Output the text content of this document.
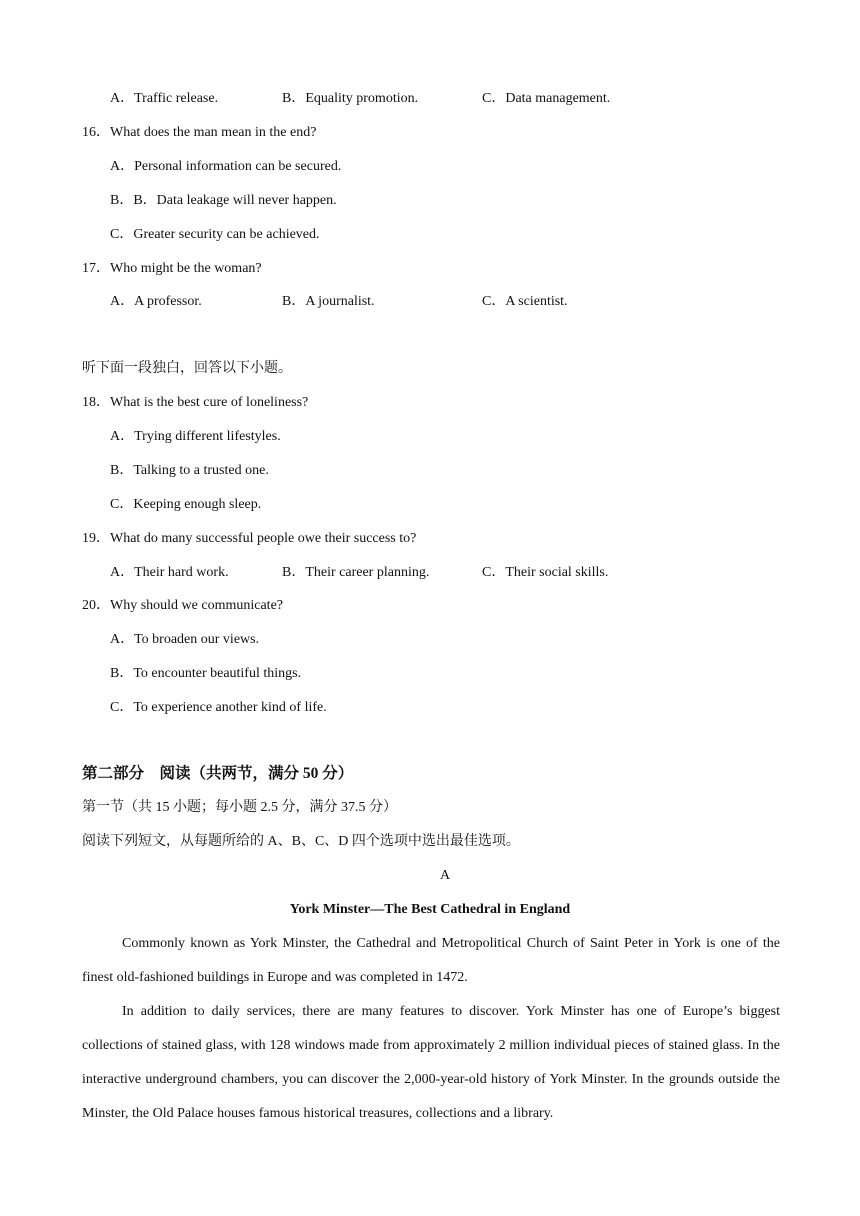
A．Traffic release.	B．Equality promotion.	C．Data management.
16．What does the man mean in the end?
A．Personal information can be secured.
B．B．Data leakage will never happen.
C．Greater security can be achieved.
17．Who might be the woman?
A．A professor.	B．A journalist.	C．A scientist.
听下面一段独白，回答以下小题。
18．What is the best cure of loneliness?
A．Trying different lifestyles.
B．Talking to a trusted one.
C．Keeping enough sleep.
19．What do many successful people owe their success to?
A．Their hard work.	B．Their career planning.	C．Their social skills.
20．Why should we communicate?
A．To broaden our views.
B．To encounter beautiful things.
C．To experience another kind of life.
第二部分　阅读（共两节，满分 50 分）
第一节（共 15 小题；每小题 2.5 分，满分 37.5 分）
阅读下列短文，从每题所给的 A、B、C、D 四个选项中选出最佳选项。
A
York Minster—The Best Cathedral in England
Commonly known as York Minster, the Cathedral and Metropolitical Church of Saint Peter in York is one of the finest old-fashioned buildings in Europe and was completed in 1472.
In addition to daily services, there are many features to discover. York Minster has one of Europe’s biggest collections of stained glass, with 128 windows made from approximately 2 million individual pieces of stained glass. In the interactive underground chambers, you can discover the 2,000-year-old history of York Minster. In the grounds outside the Minster, the Old Palace houses famous historical treasures, collections and a library.
